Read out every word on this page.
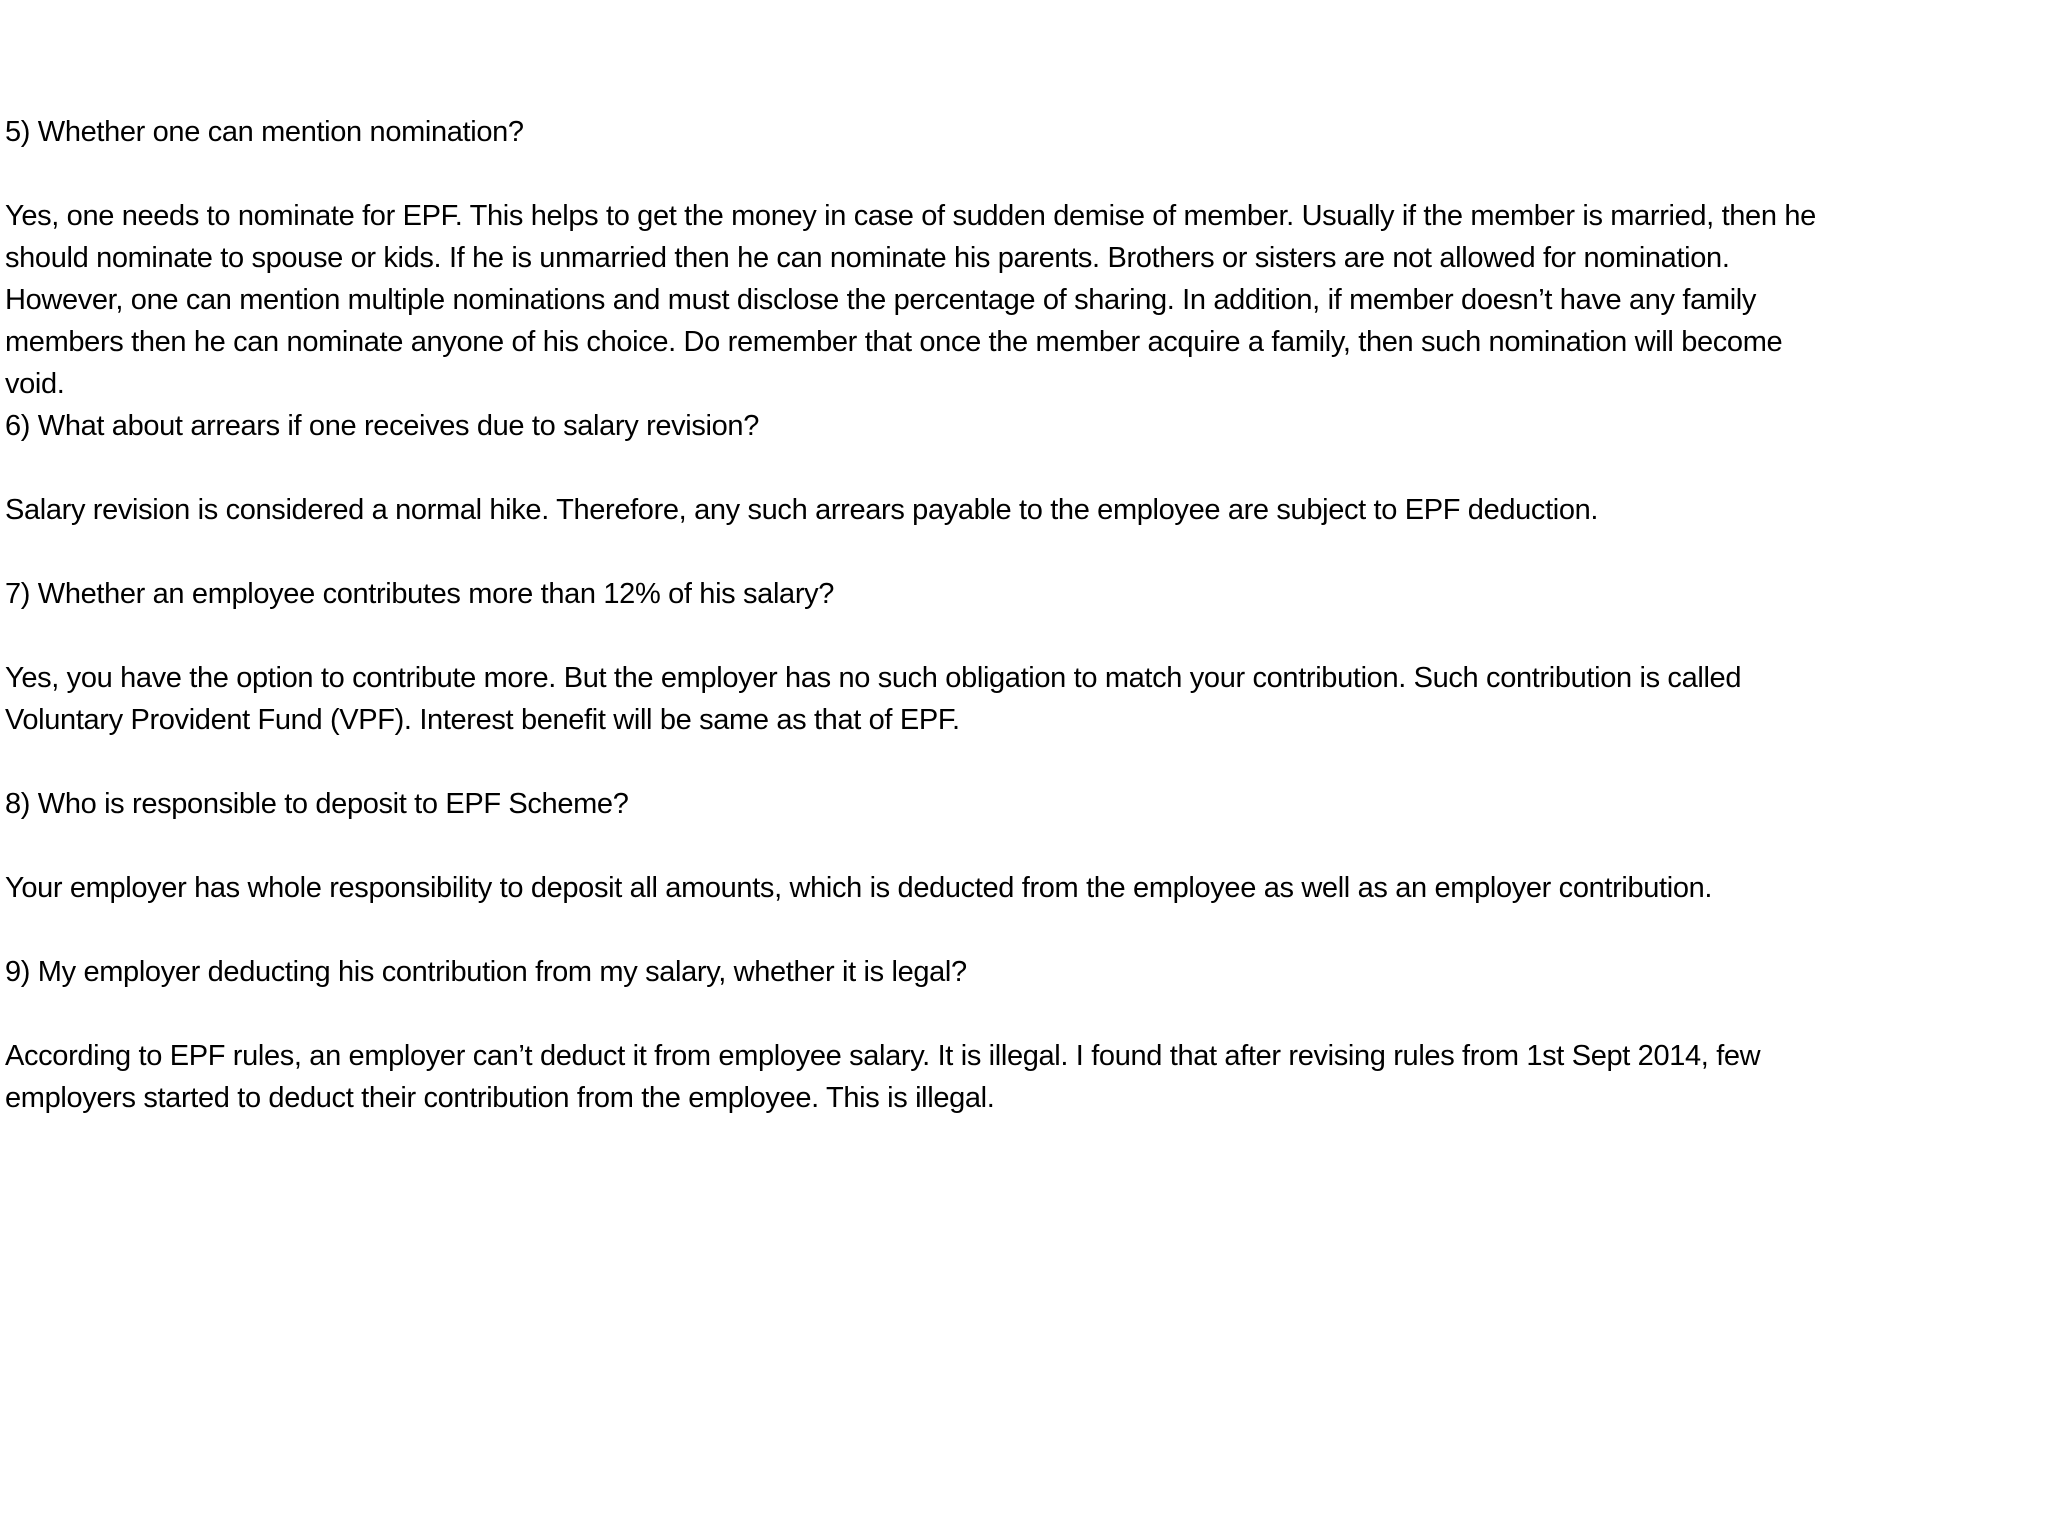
5) Whether one can mention nomination?
Yes, one needs to nominate for EPF. This helps to get the money in case of sudden demise of member. Usually if the member is married, then he
should nominate to spouse or kids. If he is unmarried then he can nominate his parents. Brothers or sisters are not allowed for nomination.
However, one can mention multiple nominations and must disclose the percentage of sharing. In addition, if member doesn’t have any family
members then he can nominate anyone of his choice. Do remember that once the member acquire a family, then such nomination will become
void.
6) What about arrears if one receives due to salary revision?
Salary revision is considered a normal hike. Therefore, any such arrears payable to the employee are subject to EPF deduction.
7) Whether an employee contributes more than 12% of his salary?
Yes, you have the option to contribute more. But the employer has no such obligation to match your contribution. Such contribution is called
Voluntary Provident Fund (VPF). Interest benefit will be same as that of EPF.
8) Who is responsible to deposit to EPF Scheme?
Your employer has whole responsibility to deposit all amounts, which is deducted from the employee as well as an employer contribution.
9) My employer deducting his contribution from my salary, whether it is legal?
According to EPF rules, an employer can’t deduct it from employee salary. It is illegal. I found that after revising rules from 1st Sept 2014, few
employers started to deduct their contribution from the employee. This is illegal.
